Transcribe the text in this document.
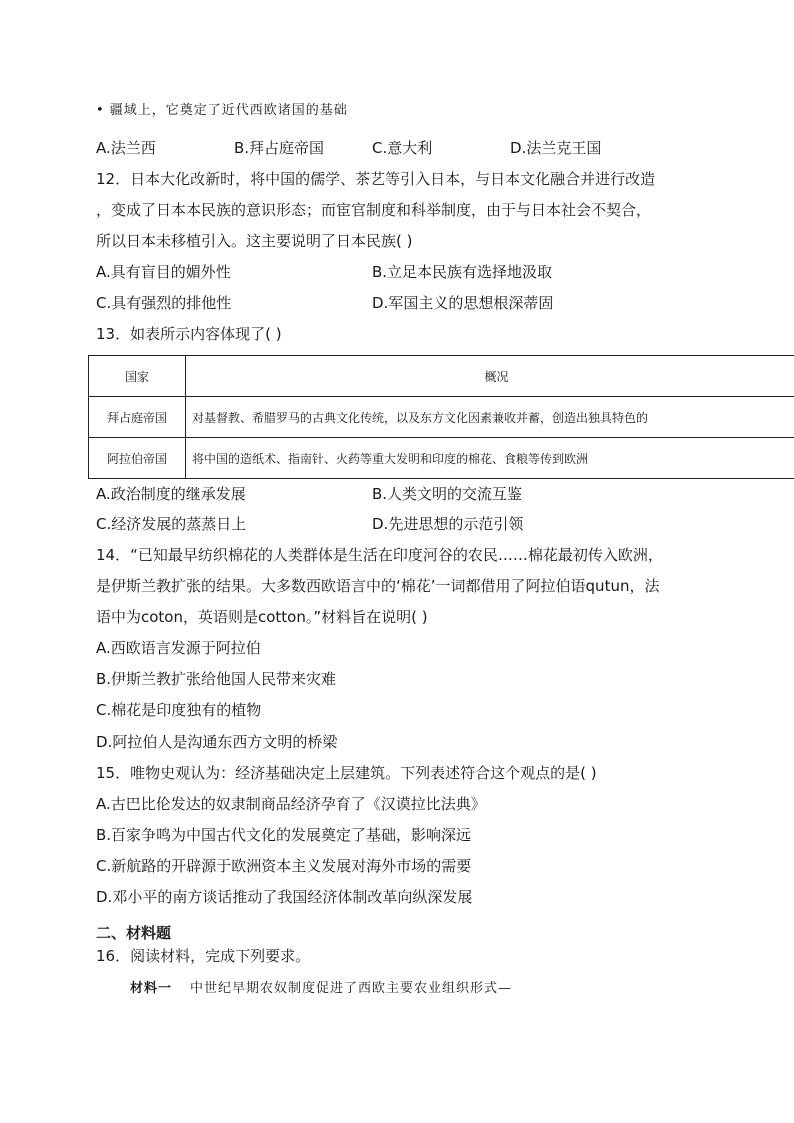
• 疆域上，它奠定了近代西欧诸国的基础
A.法兰西	B.拜占庭帝国	C.意大利	D.法兰克王国
12．日本大化改新时，将中国的儒学、茶艺等引入日本，与日本文化融合并进行改造
，变成了日本本民族的意识形态；而宦官制度和科举制度，由于与日本社会不契合，
所以日本未移植引入。这主要说明了日本民族( )
A.具有盲目的媚外性	B.立足本民族有选择地汲取
C.具有强烈的排他性	D.军国主义的思想根深蒂固
13．如表所示内容体现了( )
国家	概况
拜占庭帝国	对基督教、希腊罗马的古典文化传统，以及东方文化因素兼收并蓄，创造出独具特色的
阿拉伯帝国	将中国的造纸术、指南针、火药等重大发明和印度的棉花、食粮等传到欧洲
A.政治制度的继承发展	B.人类文明的交流互鉴
C.经济发展的蒸蒸日上	D.先进思想的示范引领
14．“已知最早纺织棉花的人类群体是生活在印度河谷的农民……棉花最初传入欧洲，
是伊斯兰教扩张的结果。大多数西欧语言中的‘棉花’一词都借用了阿拉伯语qutun，法
语中为coton，英语则是cotton。”材料旨在说明( )
A.西欧语言发源于阿拉伯
B.伊斯兰教扩张给他国人民带来灾难
C.棉花是印度独有的植物
D.阿拉伯人是沟通东西方文明的桥梁
15．唯物史观认为：经济基础决定上层建筑。下列表述符合这个观点的是( )
A.古巴比伦发达的奴隶制商品经济孕育了《汉谟拉比法典》
B.百家争鸣为中国古代文化的发展奠定了基础，影响深远
C.新航路的开辟源于欧洲资本主义发展对海外市场的需要
D.邓小平的南方谈话推动了我国经济体制改革向纵深发展
二、材料题
16．阅读材料，完成下列要求。
材料一 中世纪早期农奴制度促进了西欧主要农业组织形式—
